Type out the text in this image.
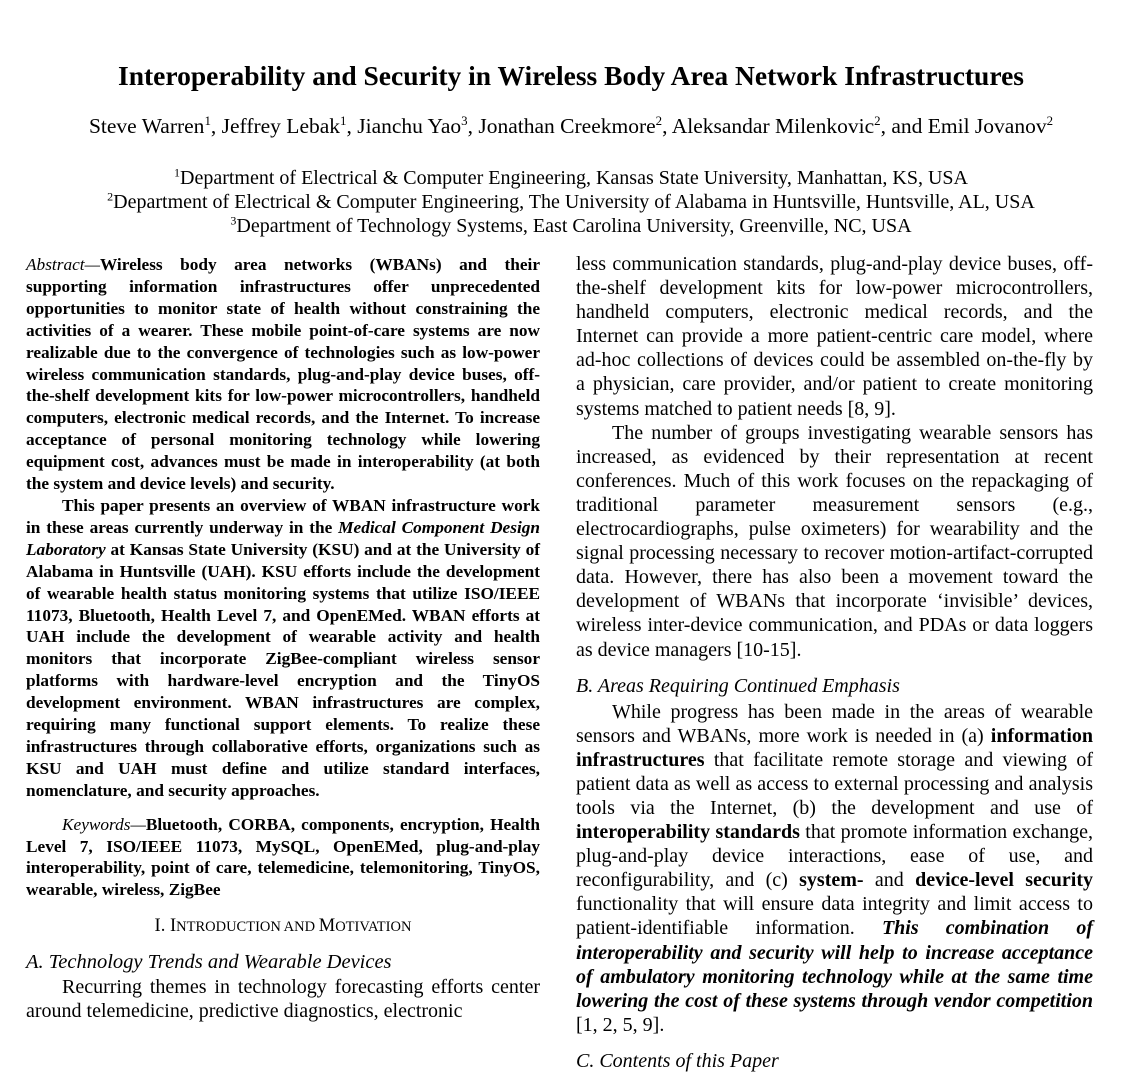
Interoperability and Security in Wireless Body Area Network Infrastructures
Steve Warren$^1$, Jeffrey Lebak$^1$, Jianchu Yao$^3$, Jonathan Creekmore$^2$, Aleksandar Milenkovic$^2$, and Emil Jovanov$^2$
$^1$Department of Electrical & Computer Engineering, Kansas State University, Manhattan, KS, USA
$^2$Department of Electrical & Computer Engineering, The University of Alabama in Huntsville, Huntsville, AL, USA
$^3$Department of Technology Systems, East Carolina University, Greenville, NC, USA

Abstract—Wireless body area networks (WBANs) and their supporting information infrastructures offer unprecedented opportunities to monitor state of health without constraining the activities of a wearer. These mobile point-of-care systems are now realizable due to the convergence of technologies such as low-power wireless communication standards, plug-and-play device buses, off-the-shelf development kits for low-power microcontrollers, handheld computers, electronic medical records, and the Internet. To increase acceptance of personal monitoring technology while lowering equipment cost, advances must be made in interoperability (at both the system and device levels) and security.

This paper presents an overview of WBAN infrastructure work in these areas currently underway in the Medical Component Design Laboratory at Kansas State University (KSU) and at the University of Alabama in Huntsville (UAH). KSU efforts include the development of wearable health status monitoring systems that utilize ISO/IEEE 11073, Bluetooth, Health Level 7, and OpenEMed. WBAN efforts at UAH include the development of wearable activity and health monitors that incorporate ZigBee-compliant wireless sensor platforms with hardware-level encryption and the TinyOS development environment. WBAN infrastructures are complex, requiring many functional support elements. To realize these infrastructures through collaborative efforts, organizations such as KSU and UAH must define and utilize standard interfaces, nomenclature, and security approaches.

Keywords—Bluetooth, CORBA, components, encryption, Health Level 7, ISO/IEEE 11073, MySQL, OpenEMed, plug-and-play interoperability, point of care, telemedicine, telemonitoring, TinyOS, wearable, wireless, ZigBee

I. INTRODUCTION AND MOTIVATION

A. Technology Trends and Wearable Devices

Recurring themes in technology forecasting efforts center around telemedicine, predictive diagnostics, electronic

less communication standards, plug-and-play device buses, off-the-shelf development kits for low-power microcontrollers, handheld computers, electronic medical records, and the Internet can provide a more patient-centric care model, where ad-hoc collections of devices could be assembled on-the-fly by a physician, care provider, and/or patient to create monitoring systems matched to patient needs [8, 9].

The number of groups investigating wearable sensors has increased, as evidenced by their representation at recent conferences. Much of this work focuses on the repackaging of traditional parameter measurement sensors (e.g., electrocardiographs, pulse oximeters) for wearability and the signal processing necessary to recover motion-artifact-corrupted data. However, there has also been a movement toward the development of WBANs that incorporate ‘invisible’ devices, wireless inter-device communication, and PDAs or data loggers as device managers [10-15].

B. Areas Requiring Continued Emphasis

While progress has been made in the areas of wearable sensors and WBANs, more work is needed in (a) information infrastructures that facilitate remote storage and viewing of patient data as well as access to external processing and analysis tools via the Internet, (b) the development and use of interoperability standards that promote information exchange, plug-and-play device interactions, ease of use, and reconfigurability, and (c) system- and device-level security functionality that will ensure data integrity and limit access to patient-identifiable information. This combination of interoperability and security will help to increase acceptance of ambulatory monitoring technology while at the same time lowering the cost of these systems through vendor competition [1, 2, 5, 9].

C. Contents of this Paper
